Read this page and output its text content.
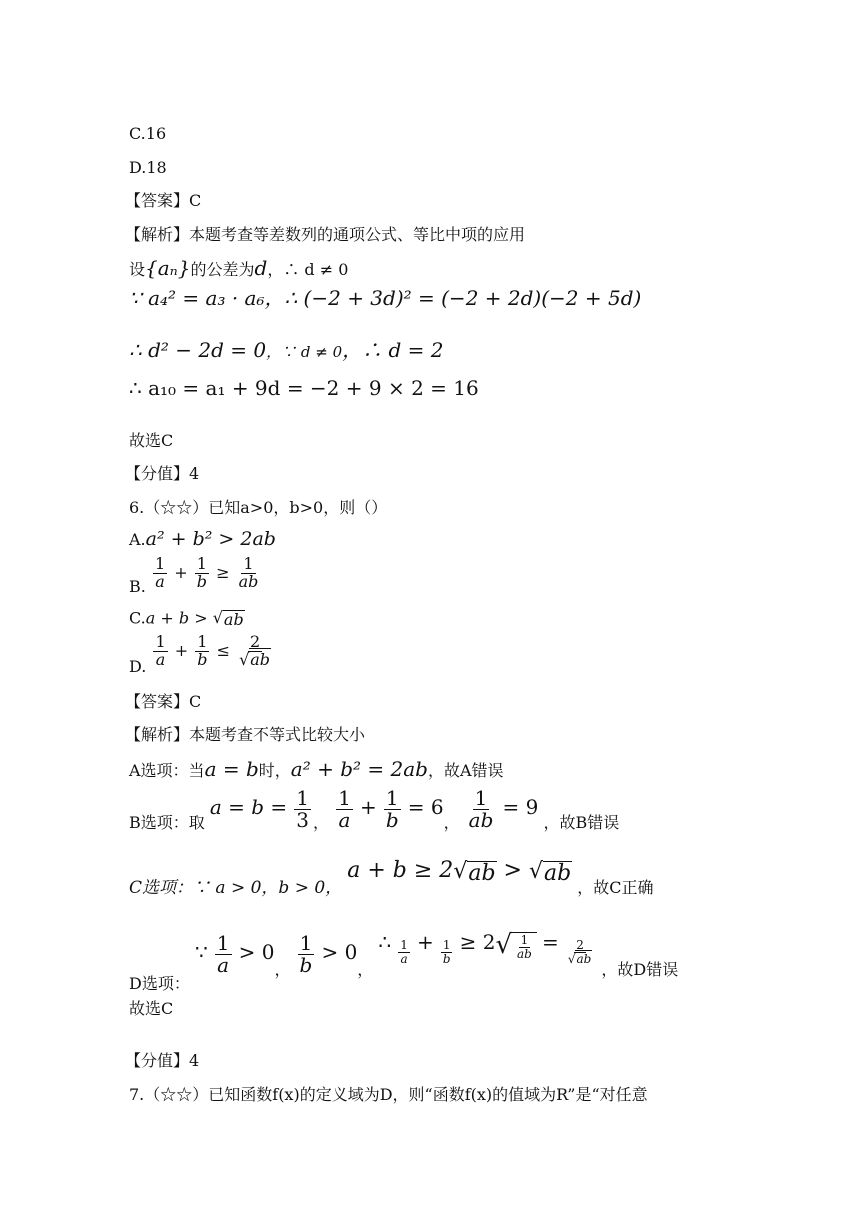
C.16
D.18
【答案】C
【解析】本题考查等差数列的通项公式、等比中项的应用
设{aₙ}的公差为d，∴ d ≠ 0
∵ a₄² = a₃ · a₆，∴ (−2 + 3d)² = (−2 + 2d)(−2 + 5d)
∴ d² − 2d = 0，∵ d ≠ 0，∴ d = 2
∴ a₁₀ = a₁ + 9d = −2 + 9 × 2 = 16
故选C
【分值】4
6.（☆☆）已知a>0，b>0，则（）
A.a² + b² > 2ab
B. $\frac{1}{a} + \frac{1}{b} \ge \frac{1}{ab}$
C.a + b > √ ab
D. $\frac{1}{a} + \frac{1}{b} \le \frac{2}{√ab}$
【答案】C
【解析】本题考查不等式比较大小
A选项：当a = b时，a² + b² = 2ab，故A错误
B选项：取 $a = b = \frac{1}{3}$ ， $\frac{1}{a} + \frac{1}{b} = 6$， $\frac{1}{ab} = 9$ ，故B错误
C选项：∵ a > 0，b > 0， a + b ≥ 2 √ ab > √ ab
，故C正确
D选项： ∵ $\frac{1}{a} > 0$， $\frac{1}{b} > 0$， ∴ $\frac{1}{a} + \frac{1}{b} \ge 2$ √ $\frac{1}{ab} = \frac{2}{√ab}$
，故D错误
故选C
【分值】4
7.（☆☆）已知函数f(x)的定义域为D，则“函数f(x)的值域为R”是“对任意
